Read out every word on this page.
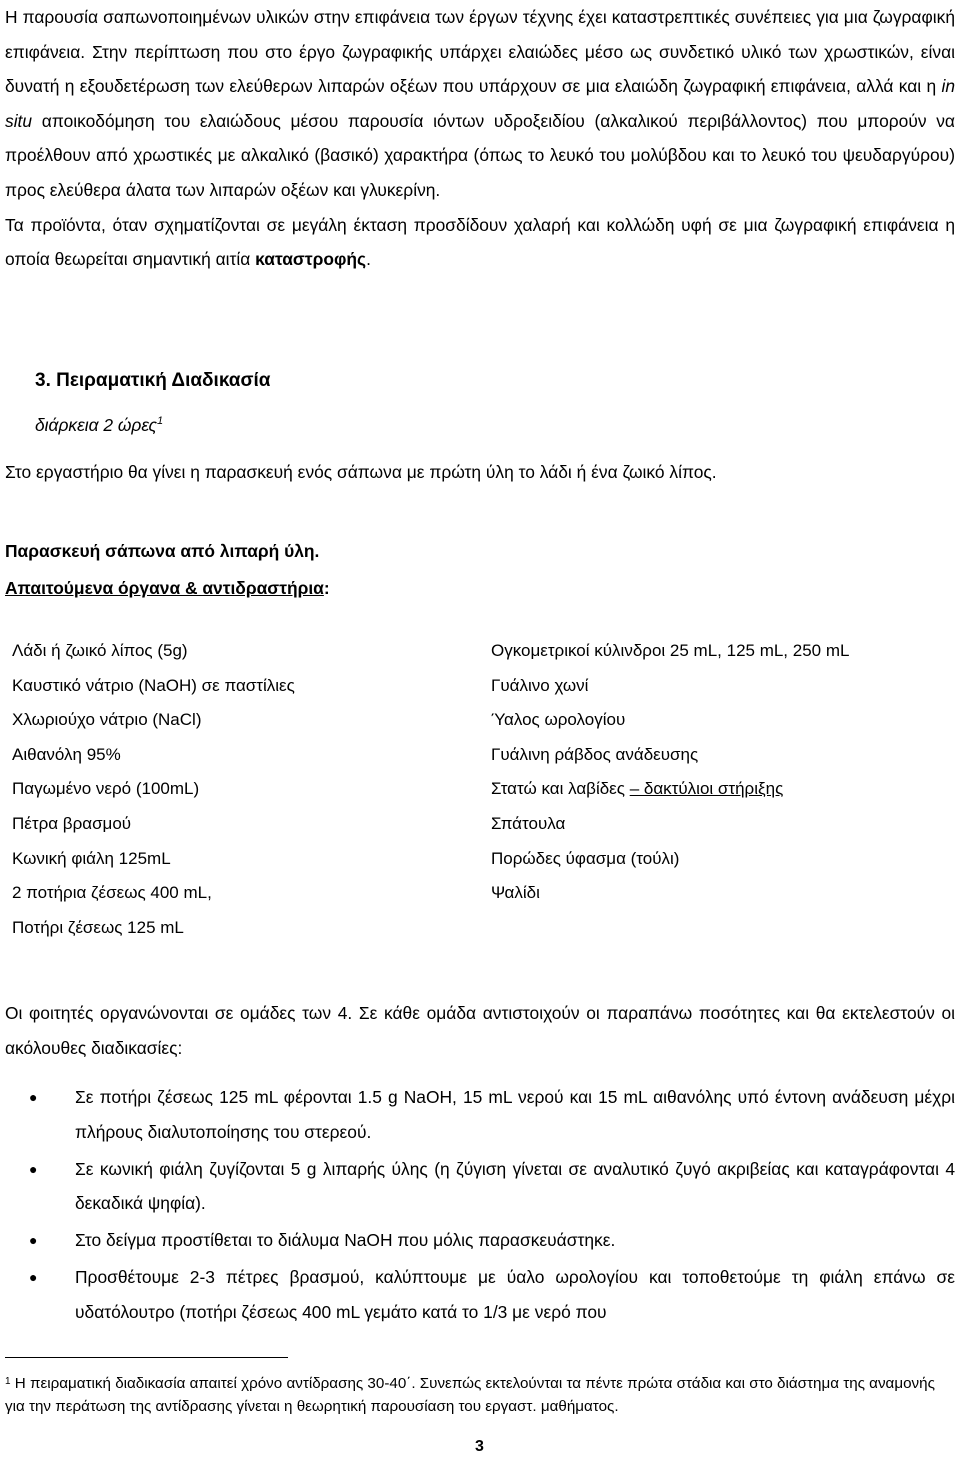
Η παρουσία σαπωνοποιημένων υλικών στην επιφάνεια των έργων τέχνης έχει καταστρεπτικές συνέπειες για μια ζωγραφική επιφάνεια. Στην περίπτωση που στο έργο ζωγραφικής υπάρχει ελαιώδες μέσο ως συνδετικό υλικό των χρωστικών, είναι δυνατή η εξουδετέρωση των ελεύθερων λιπαρών οξέων που υπάρχουν σε μια ελαιώδη ζωγραφική επιφάνεια, αλλά και η in situ αποικοδόμηση του ελαιώδους μέσου παρουσία ιόντων υδροξειδίου (αλκαλικού περιβάλλοντος) που μπορούν να προέλθουν από χρωστικές με αλκαλικό (βασικό) χαρακτήρα (όπως το λευκό του μολύβδου και το λευκό του ψευδαργύρου) προς ελεύθερα άλατα των λιπαρών οξέων και γλυκερίνη.

Τα προϊόντα, όταν σχηματίζονται σε μεγάλη έκταση προσδίδουν χαλαρή και κολλώδη υφή σε μια ζωγραφική επιφάνεια η οποία θεωρείται σημαντική αιτία καταστροφής.

3. Πειραματική Διαδικασία
διάρκεια 2 ώρες$^1$
Στο εργαστήριο θα γίνει η παρασκευή ενός σάπωνα με πρώτη ύλη το λάδι ή ένα ζωικό λίπος.
Παρασκευή σάπωνα από λιπαρή ύλη.
Απαιτούμενα όργανα & αντιδραστήρια:
Λάδι ή ζωικό λίπος (5g)
Καυστικό νάτριο (NaOH) σε παστίλιες
Χλωριούχο νάτριο (NaCl)
Αιθανόλη 95%
Παγωμένο νερό (100mL)
Πέτρα βρασμού
Κωνική φιάλη 125mL
2 ποτήρια ζέσεως 400 mL,
Ποτήρι ζέσεως 125 mL
Ογκομετρικοί κύλινδροι 25 mL, 125 mL, 250 mL
Γυάλινο χωνί
Ύαλος ωρολογίου
Γυάλινη ράβδος ανάδευσης
Στατώ και λαβίδες – δακτύλιοι στήριξης
Σπάτουλα
Πορώδες ύφασμα (τούλι)
Ψαλίδι

Οι φοιτητές οργανώνονται σε ομάδες των 4. Σε κάθε ομάδα αντιστοιχούν οι παραπάνω ποσότητες και θα εκτελεστούν οι ακόλουθες διαδικασίες:

● Σε ποτήρι ζέσεως 125 mL φέρονται 1.5 g NaOH, 15 mL νερού και 15 mL αιθανόλης υπό έντονη ανάδευση μέχρι πλήρους διαλυτοποίησης του στερεού.
● Σε κωνική φιάλη ζυγίζονται 5 g λιπαρής ύλης (η ζύγιση γίνεται σε αναλυτικό ζυγό ακριβείας και καταγράφονται 4 δεκαδικά ψηφία).
● Στο δείγμα προστίθεται το διάλυμα NaOH που μόλις παρασκευάστηκε.
● Προσθέτουμε 2-3 πέτρες βρασμού, καλύπτουμε με ύαλο ωρολογίου και τοποθετούμε τη φιάλη επάνω σε υδατόλουτρο (ποτήρι ζέσεως 400 mL γεμάτο κατά το 1/3 με νερό που
$^1$ Η πειραματική διαδικασία απαιτεί χρόνο αντίδρασης 30-40΄. Συνεπώς εκτελούνται τα πέντε πρώτα στάδια και στο διάστημα της αναμονής για την περάτωση της αντίδρασης γίνεται η θεωρητική παρουσίαση του εργαστ. μαθήματος.
3
